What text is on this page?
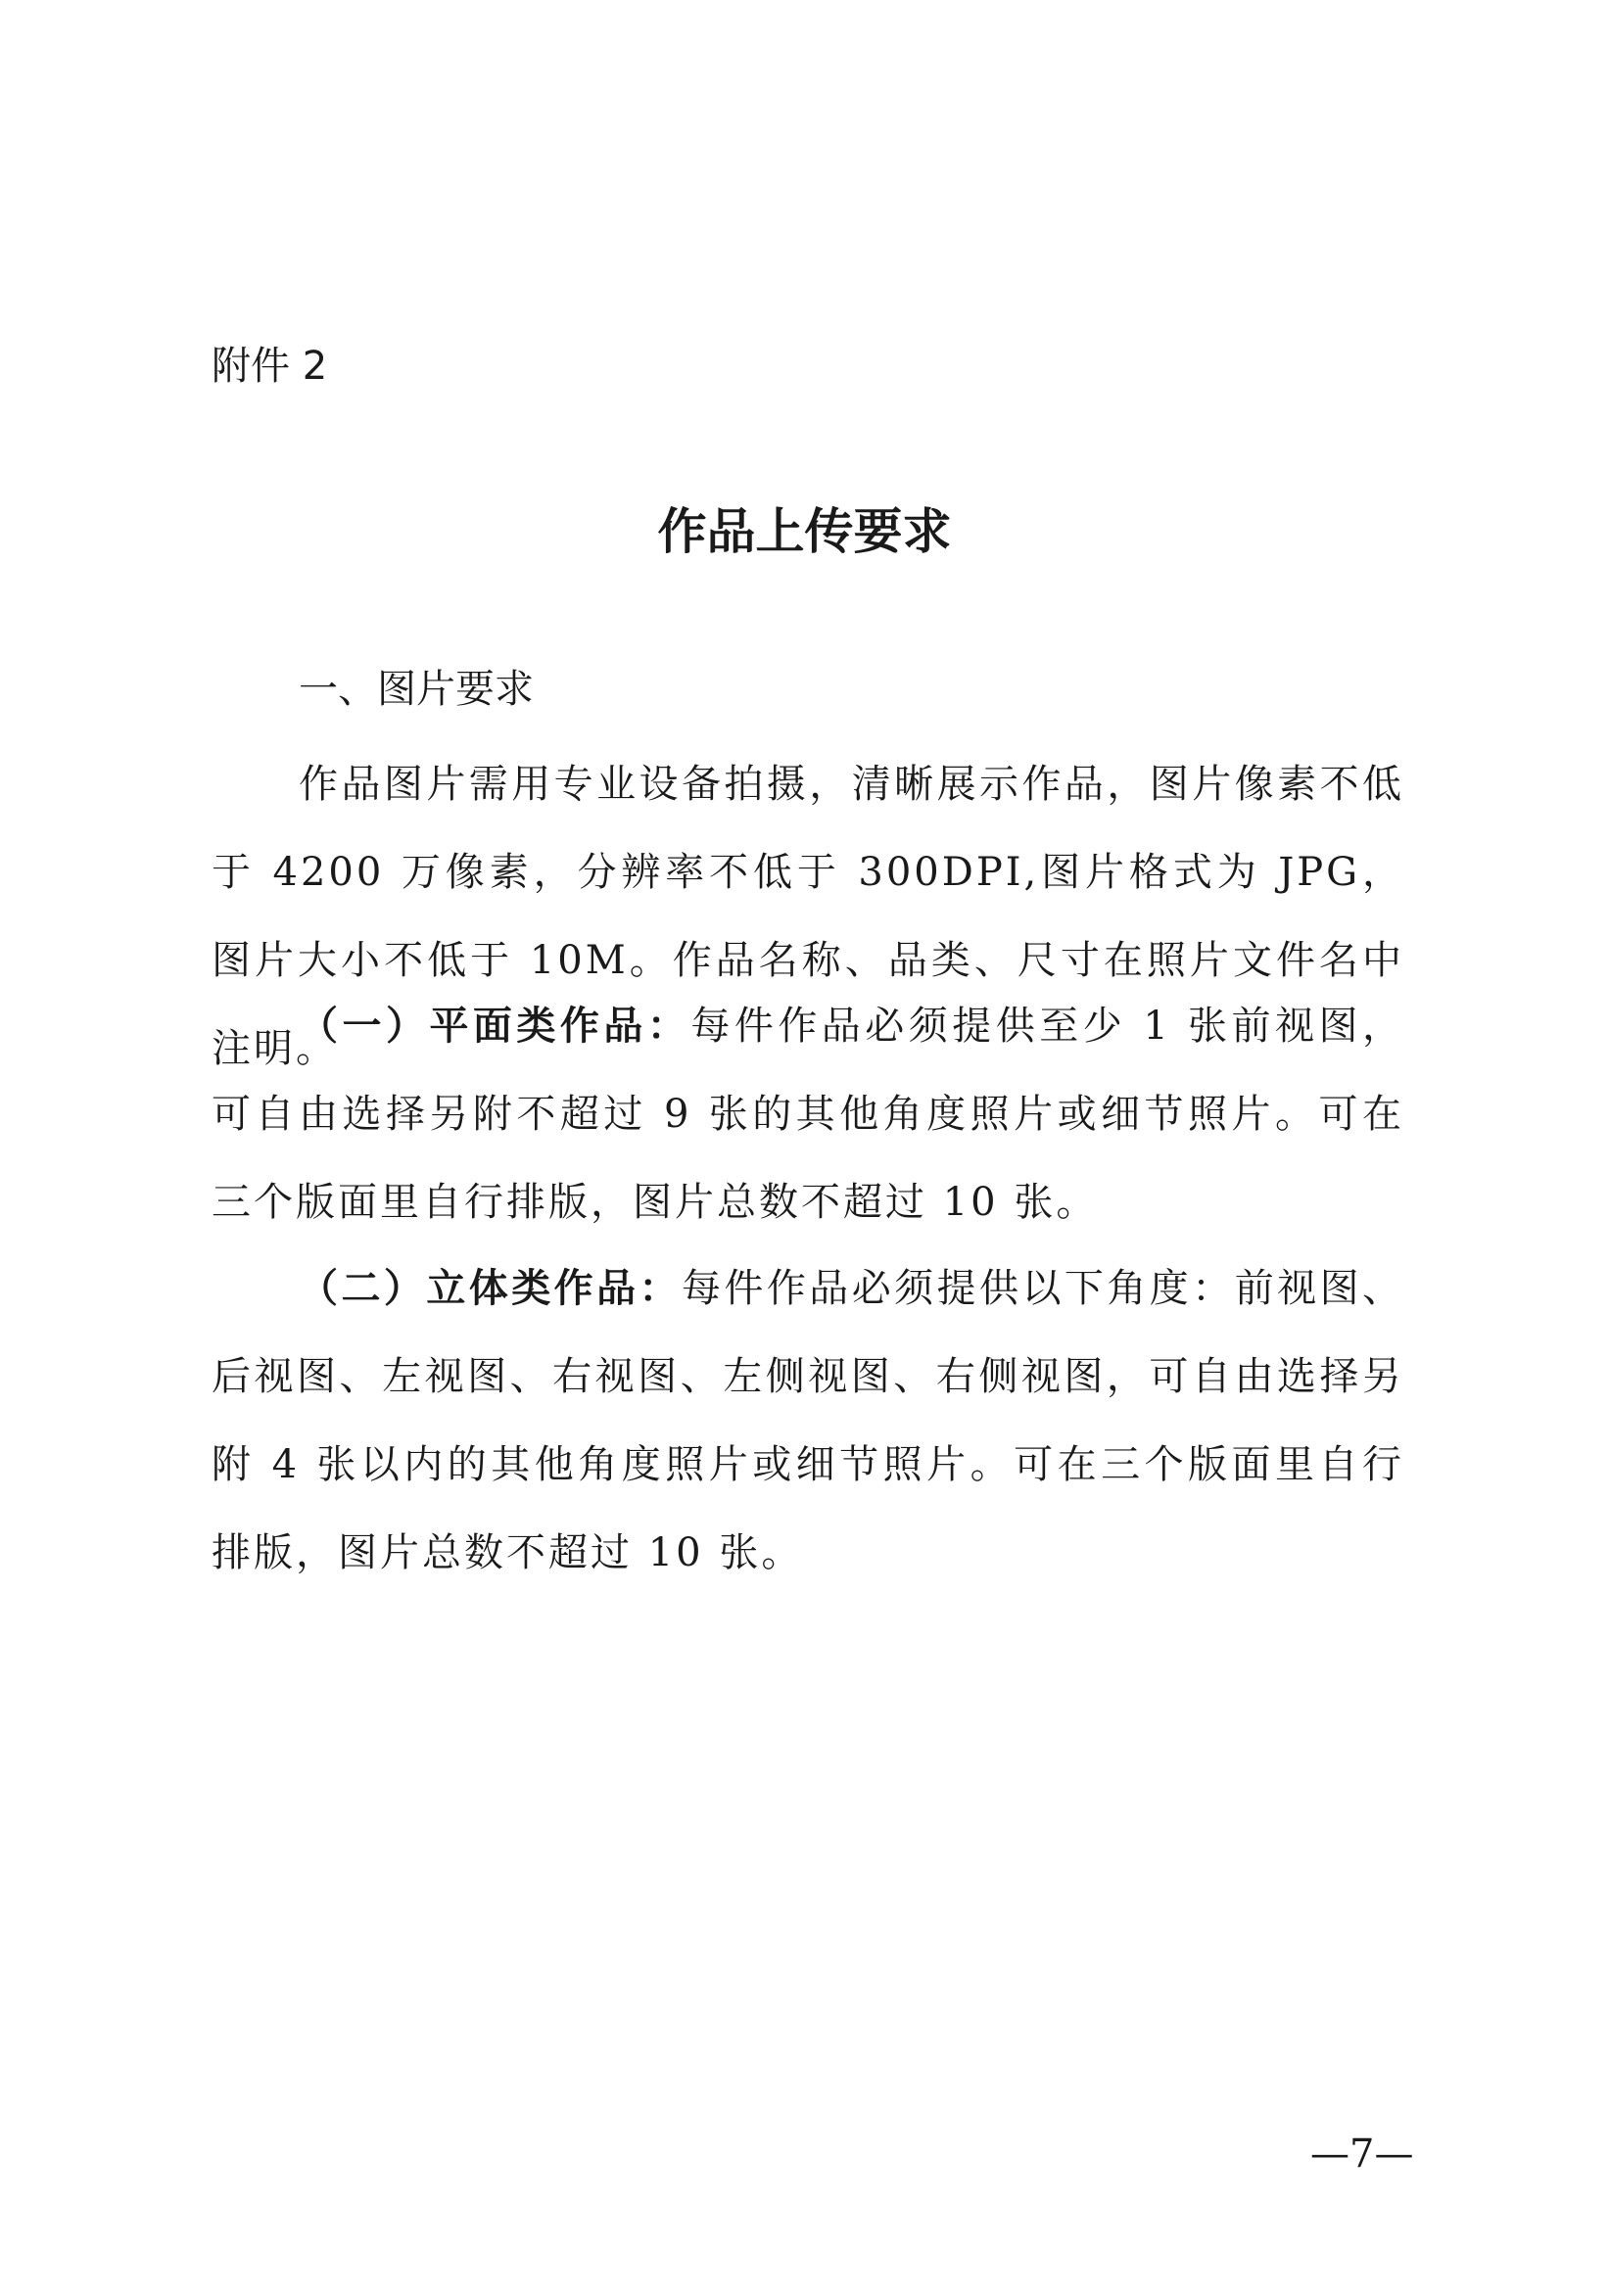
附件 2
作品上传要求
一、图片要求

作品图片需用专业设备拍摄，清晰展示作品，图片像素不低于 4200 万像素，分辨率不低于 300DPI,图片格式为 JPG，图片大小不低于 10M。作品名称、品类、尺寸在照片文件名中注明。

（一）平面类作品：每件作品必须提供至少 1 张前视图，可自由选择另附不超过 9 张的其他角度照片或细节照片。可在三个版面里自行排版，图片总数不超过 10 张。

（二）立体类作品：每件作品必须提供以下角度：前视图、后视图、左视图、右视图、左侧视图、右侧视图，可自由选择另附 4 张以内的其他角度照片或细节照片。可在三个版面里自行排版，图片总数不超过 10 张。

—7—
